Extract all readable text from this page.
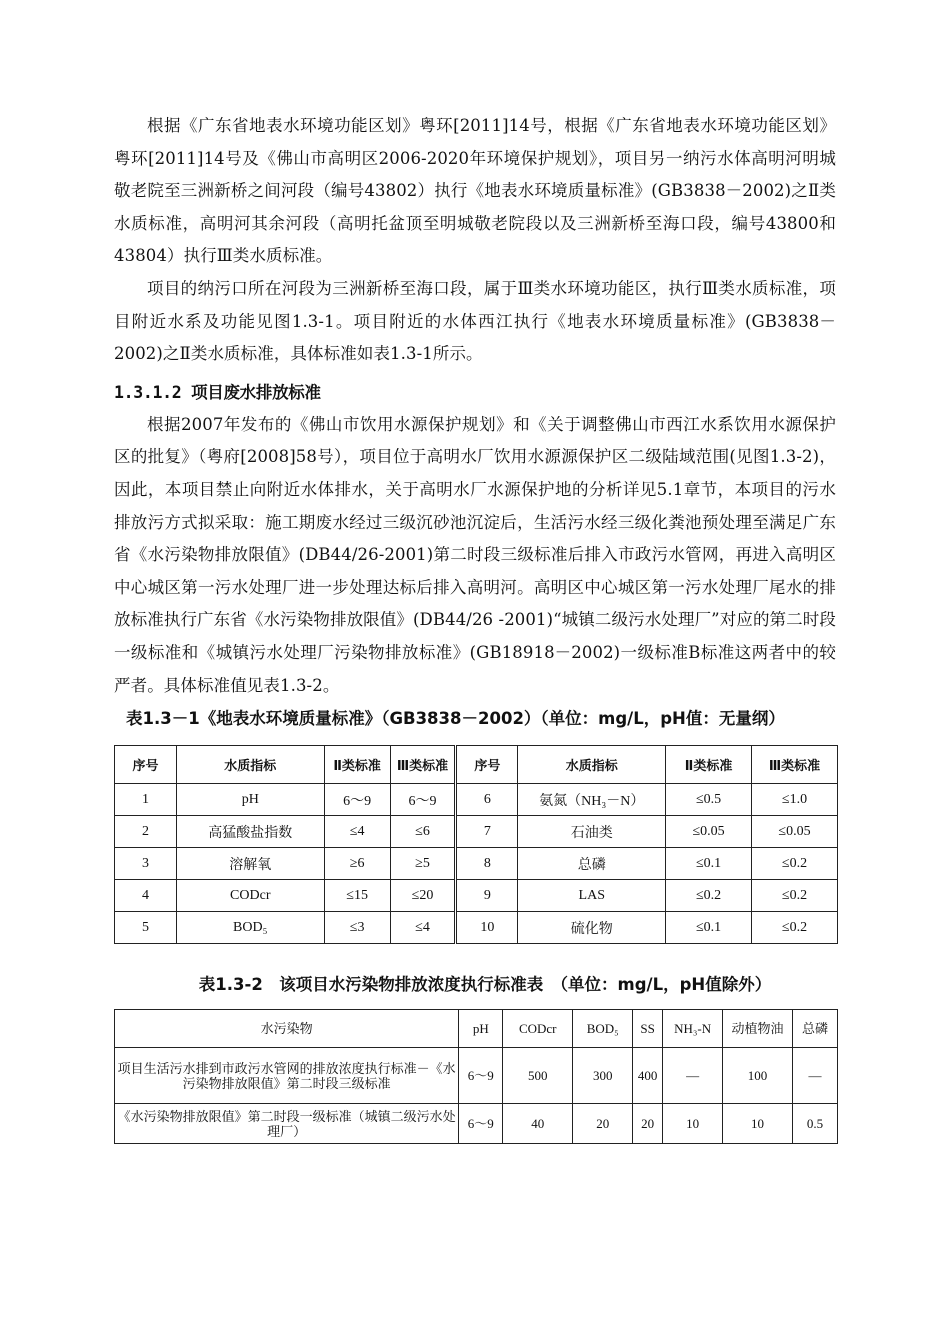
根据《广东省地表水环境功能区划》粤环[2011]14号，根据《广东省地表水环境功能区划》粤环[2011]14号及《佛山市高明区2006-2020年环境保护规划》，项目另一纳污水体高明河明城敬老院至三洲新桥之间河段（编号43802）执行《地表水环境质量标准》(GB3838－2002)之Ⅱ类水质标准，高明河其余河段（高明托盆顶至明城敬老院段以及三洲新桥至海口段，编号43800和43804）执行Ⅲ类水质标准。

项目的纳污口所在河段为三洲新桥至海口段，属于Ⅲ类水环境功能区，执行Ⅲ类水质标准，项目附近水系及功能见图1.3-1。项目附近的水体西江执行《地表水环境质量标准》(GB3838－2002)之Ⅱ类水质标准，具体标准如表1.3-1所示。

1.3.1.2 项目废水排放标准

根据2007年发布的《佛山市饮用水源保护规划》和《关于调整佛山市西江水系饮用水源保护区的批复》（粤府[2008]58号），项目位于高明水厂饮用水源源保护区二级陆域范围(见图1.3-2)，因此，本项目禁止向附近水体排水，关于高明水厂水源保护地的分析详见5.1章节，本项目的污水排放污方式拟采取：施工期废水经过三级沉砂池沉淀后，生活污水经三级化粪池预处理至满足广东省《水污染物排放限值》(DB44/26-2001)第二时段三级标准后排入市政污水管网，再进入高明区中心城区第一污水处理厂进一步处理达标后排入高明河。高明区中心城区第一污水处理厂尾水的排放标准执行广东省《水污染物排放限值》(DB44/26 -2001)“城镇二级污水处理厂”对应的第二时段一级标准和《城镇污水处理厂污染物排放标准》(GB18918－2002)一级标准B标准这两者中的较严者。具体标准值见表1.3-2。

表1.3－1《地表水环境质量标准》（GB3838－2002）（单位：mg/L，pH值：无量纲）
序号	水质指标	Ⅱ类标准	Ⅲ类标准	序号	水质指标	Ⅱ类标准	Ⅲ类标准
1	pH	6～9	6～9	6	氨氮（NH₃－N）	≤0.5	≤1.0
2	高猛酸盐指数	≤4	≤6	7	石油类	≤0.05	≤0.05
3	溶解氧	≥6	≥5	8	总磷	≤0.1	≤0.2
4	CODcr	≤15	≤20	9	LAS	≤0.2	≤0.2
5	BOD₅	≤3	≤4	10	硫化物	≤0.1	≤0.2
表1.3-2　该项目水污染物排放浓度执行标准表　（单位：mg/L，pH值除外）
水污染物	pH	CODcr	BOD₅	SS	NH₃-N	动植物油	总磷
项目生活污水排到市政污水管网的排放浓度执行标准－《水污染物排放限值》第二时段三级标准	6～9	500	300	400	—	100	—
《水污染物排放限值》第二时段一级标准（城镇二级污水处理厂）	6～9	40	20	20	10	10	0.5
